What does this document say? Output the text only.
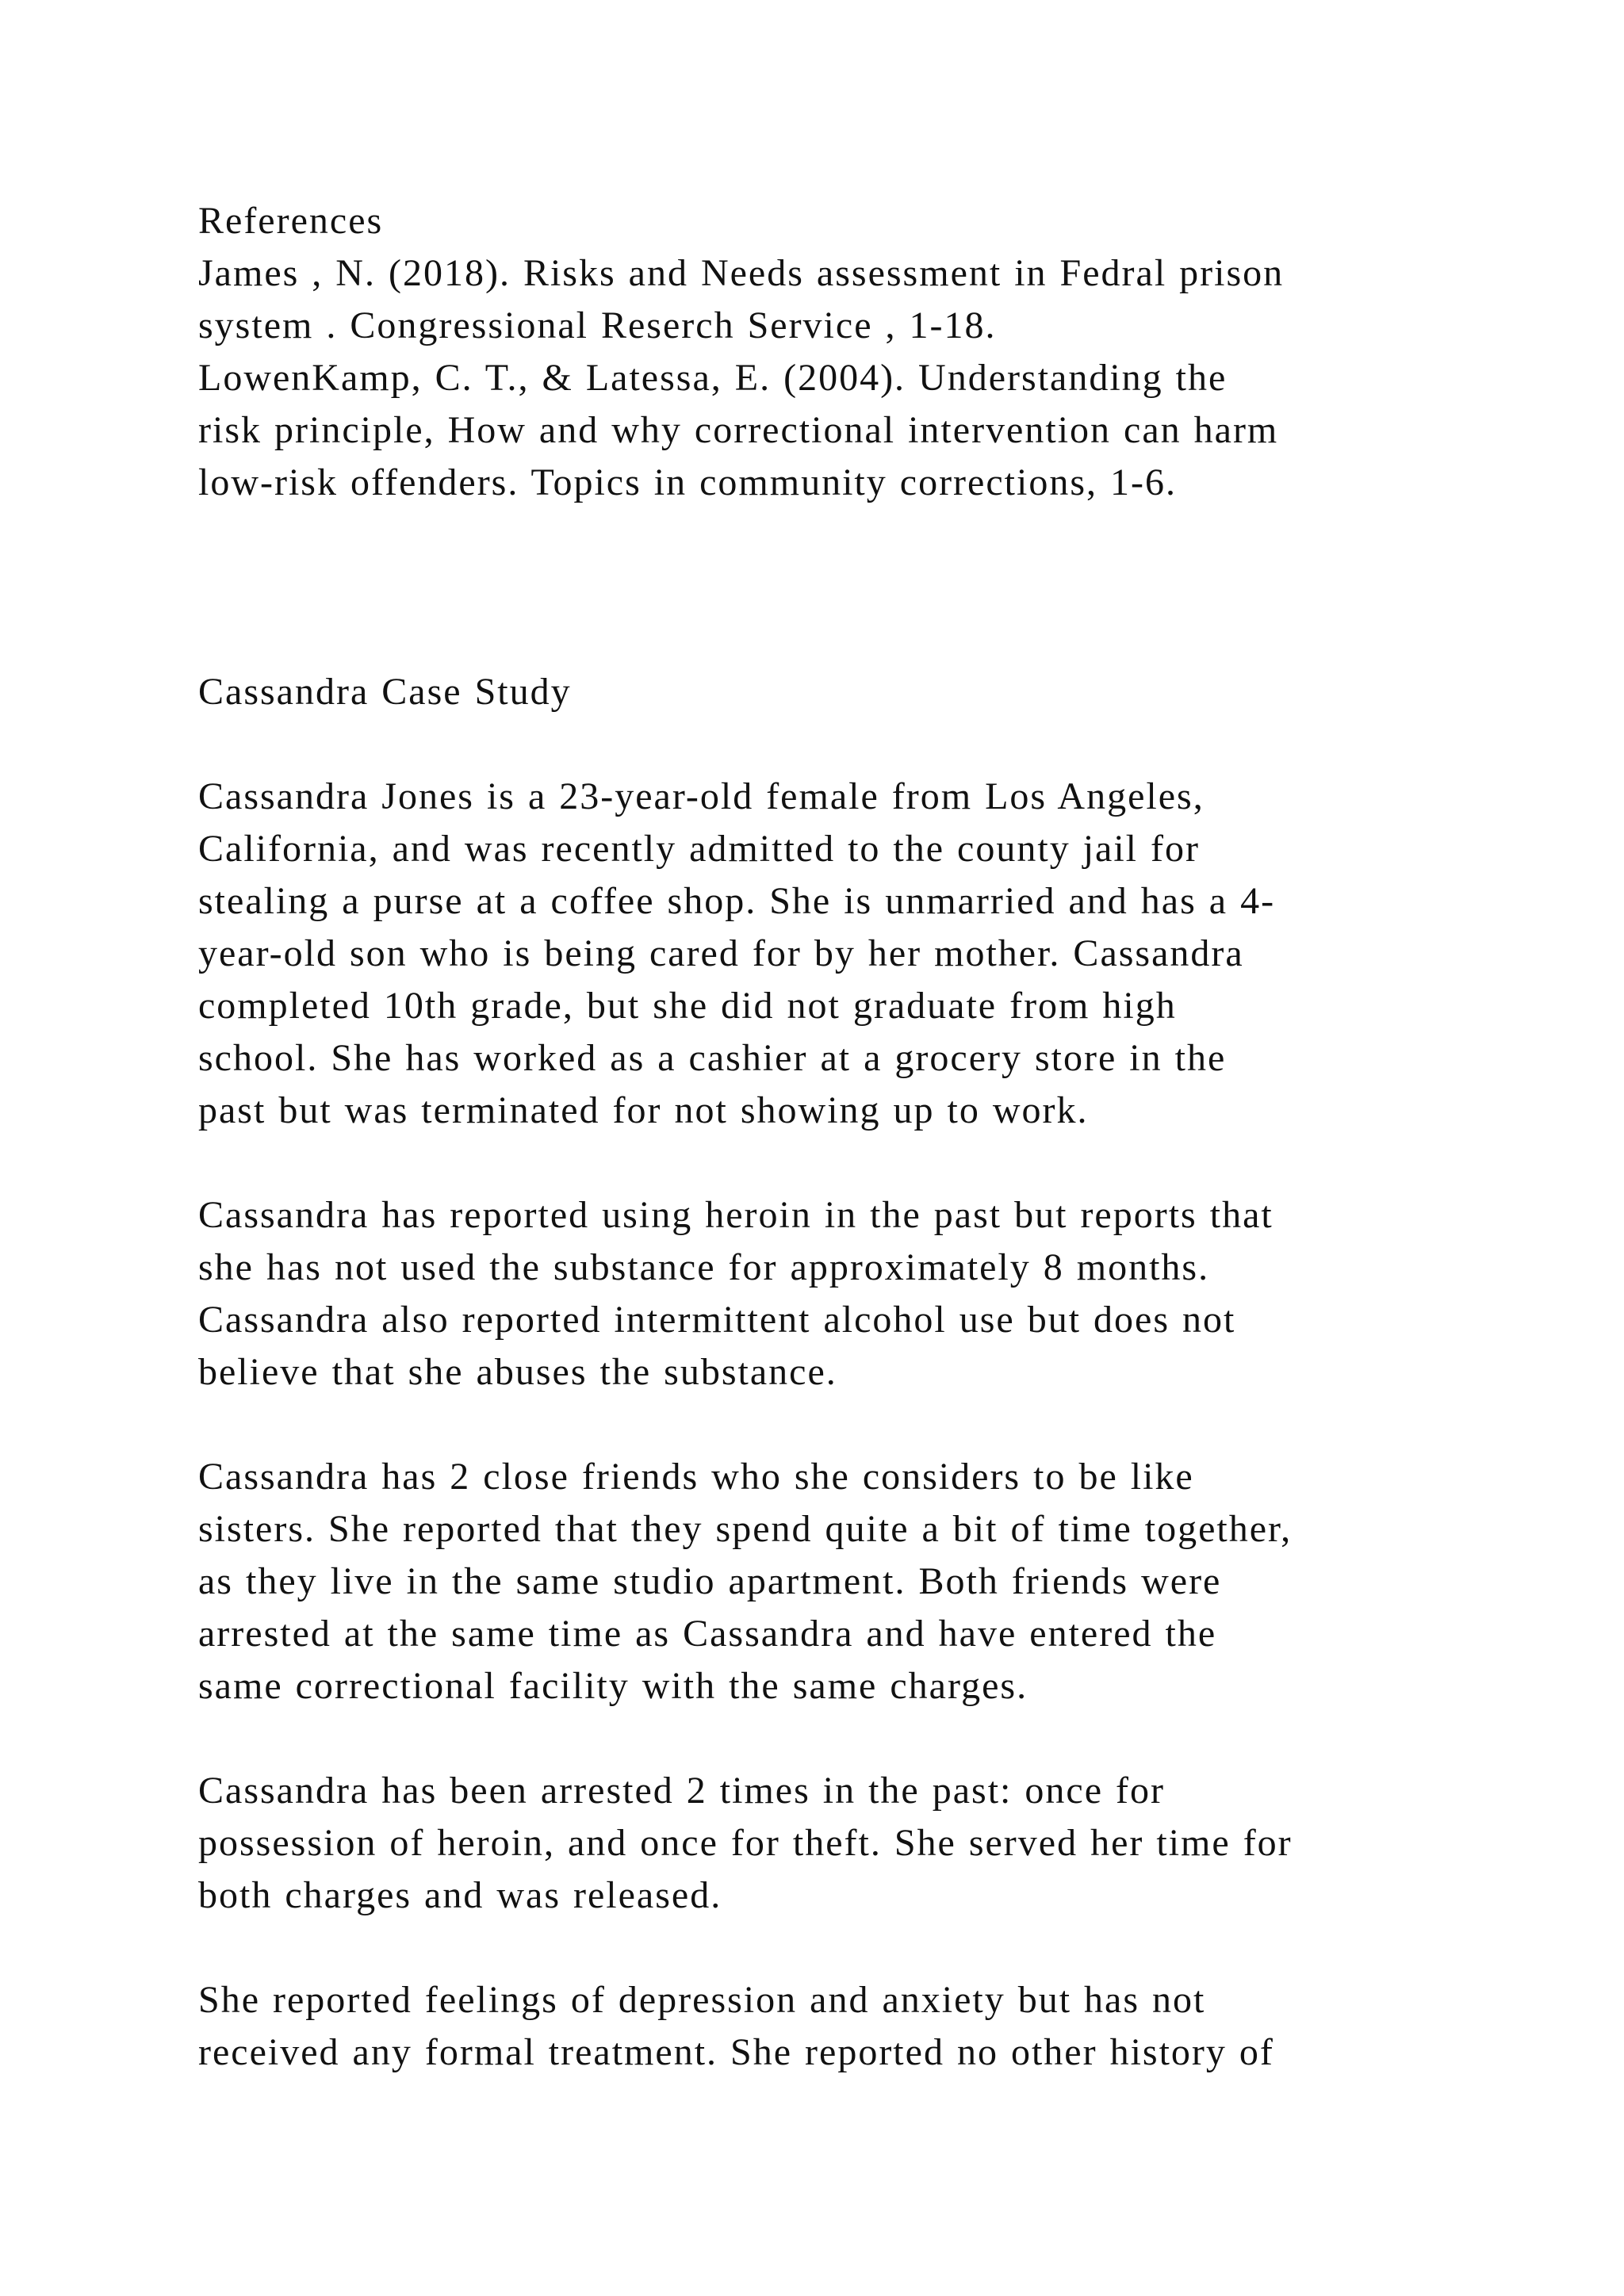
References
James , N. (2018). Risks and Needs assessment in Fedral prison
system . Congressional Reserch Service , 1-18.
LowenKamp, C. T., & Latessa, E. (2004). Understanding the
risk principle, How and why correctional intervention can harm
low-risk offenders. Topics in community corrections, 1-6.
Cassandra Case Study
Cassandra Jones is a 23-year-old female from Los Angeles,
California, and was recently admitted to the county jail for
stealing a purse at a coffee shop. She is unmarried and has a 4-
year-old son who is being cared for by her mother. Cassandra
completed 10th grade, but she did not graduate from high
school. She has worked as a cashier at a grocery store in the
past but was terminated for not showing up to work.
Cassandra has reported using heroin in the past but reports that
she has not used the substance for approximately 8 months.
Cassandra also reported intermittent alcohol use but does not
believe that she abuses the substance.
Cassandra has 2 close friends who she considers to be like
sisters. She reported that they spend quite a bit of time together,
as they live in the same studio apartment. Both friends were
arrested at the same time as Cassandra and have entered the
same correctional facility with the same charges.
Cassandra has been arrested 2 times in the past: once for
possession of heroin, and once for theft. She served her time for
both charges and was released.
She reported feelings of depression and anxiety but has not
received any formal treatment. She reported no other history of
